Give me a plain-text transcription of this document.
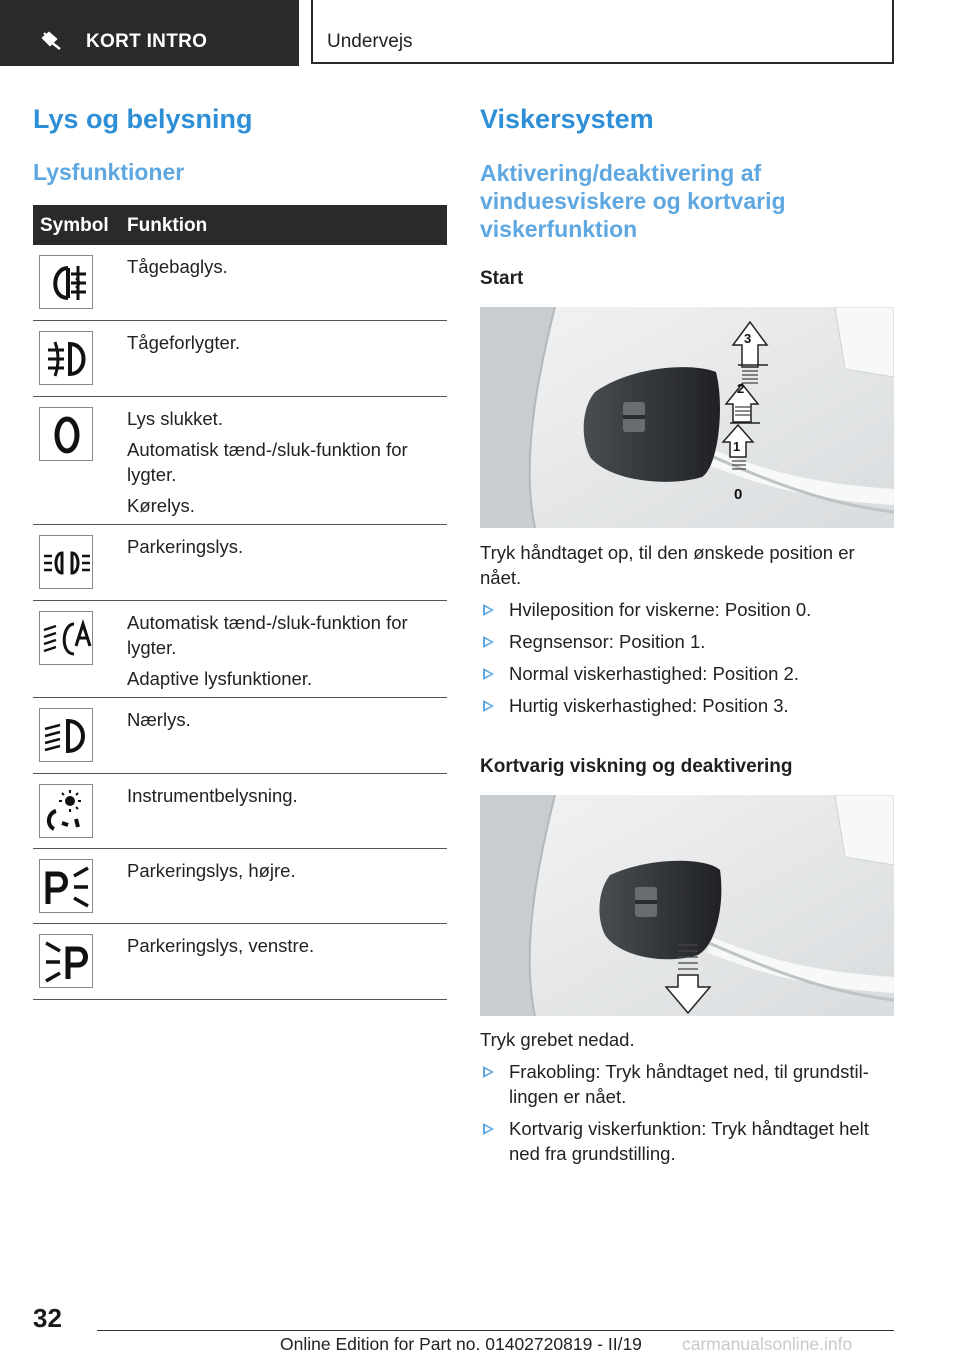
KORT INTRO	Undervejs
Lys og belysning
Lysfunktioner
Symbol Funktion

Tågebaglys.

Tågeforlygter.

Lys slukket.

Automatisk tænd-/sluk-funktion for lygter.

Kørelys.

Parkeringslys.

Automatisk tænd-/sluk-funktion for lygter.

Adaptive lysfunktioner.

Nærlys.

Instrumentbelysning.

Parkeringslys, højre.

Parkeringslys, venstre.

Viskersystem
Aktivering/deaktivering af
vinduesviskere og kortvarig
viskerfunktion
Start
3
2
1
0
Tryk håndtaget op, til den ønskede position er nået.
Hvileposition for viskerne: Position 0.
Regnsensor: Position 1.
Normal viskerhastighed: Position 2.
Hurtig viskerhastighed: Position 3.
Kortvarig viskning og deaktivering
Tryk grebet nedad.
Frakobling: Tryk håndtaget ned, til grundstil-lingen er nået.
Kortvarig viskerfunktion: Tryk håndtaget helt ned fra grundstilling.
32
Online Edition for Part no. 01402720819 - II/19 carmanualsonline.info
